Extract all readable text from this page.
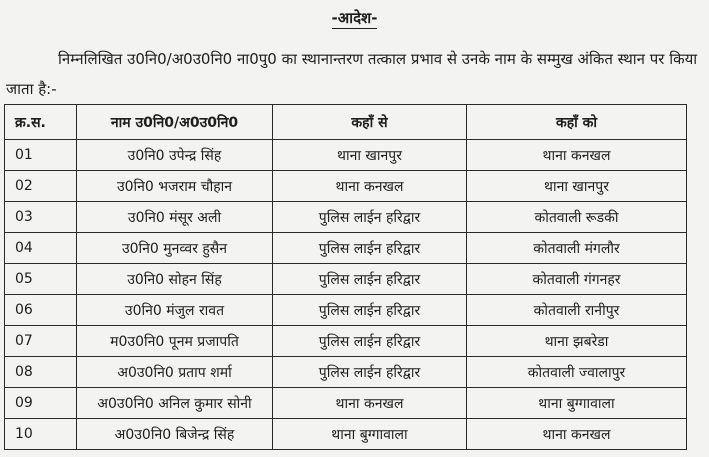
-आदेश-
निम्नलिखित उ0नि0/अ0उ0नि0 ना0पु0 का स्थानान्तरण तत्काल प्रभाव से उनके नाम के सम्मुख अंकित स्थान पर किया जाता है:-
क्र.स.	नाम उ0नि0/अ0उ0नि0	कहाँ से	कहाँ को
01	उ0नि0 उपेन्द्र सिंह	थाना खानपुर	थाना कनखल
02	उ0नि0 भजराम चौहान	थाना कनखल	थाना खानपुर
03	उ0नि0 मंसूर अली	पुलिस लाईन हरिद्वार	कोतवाली रूडकी
04	उ0नि0 मुनव्वर हुसैन	पुलिस लाईन हरिद्वार	कोतवाली मंगलौर
05	उ0नि0 सोहन सिंह	पुलिस लाईन हरिद्वार	कोतवाली गंगनहर
06	उ0नि0 मंजुल रावत	पुलिस लाईन हरिद्वार	कोतवाली रानीपुर
07	म0उ0नि0 पूनम प्रजापति	पुलिस लाईन हरिद्वार	थाना झबरेडा
08	अ0उ0नि0 प्रताप शर्मा	पुलिस लाईन हरिद्वार	कोतवाली ज्वालापुर
09	अ0उ0नि0 अनिल कुमार सोनी	थाना कनखल	थाना बुग्गावाला
10	अ0उ0नि0 बिजेन्द्र सिंह	थाना बुग्गावाला	थाना कनखल
